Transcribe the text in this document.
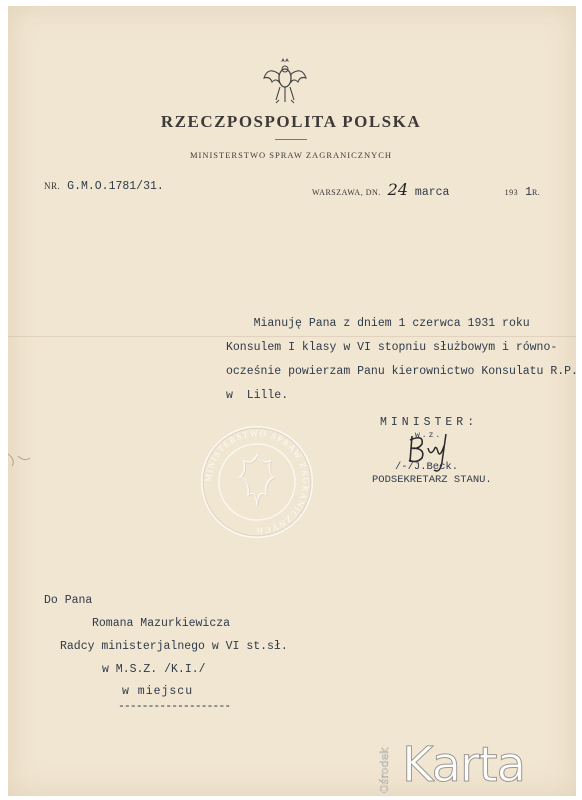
RZECZPOSPOLITA POLSKA
MINISTERSTWO SPRAW ZAGRANICZNYCH
NR. G.M.O.1781/31.	WARSZAWA, DN. 24 marca	193 1R.
Mianuję Pana z dniem 1 czerwca 1931 roku
Konsulem I klasy w VI stopniu służbowym i równo-
ocześnie powierzam Panu kierownictwo Konsulatu R.P.
w  Lille.
MINISTERSTWO SPRAW ZAGRANICZNYCH
MINISTER:
w.z.
/-/J.Beck.
PODSEKRETARZ STANU.
Do Pana
Romana Mazurkiewicza
Radcy ministerjalnego w VI st.sł.
w M.S.Z. /K.I./
w miejscu
-------------------
Ośrodek Karta
